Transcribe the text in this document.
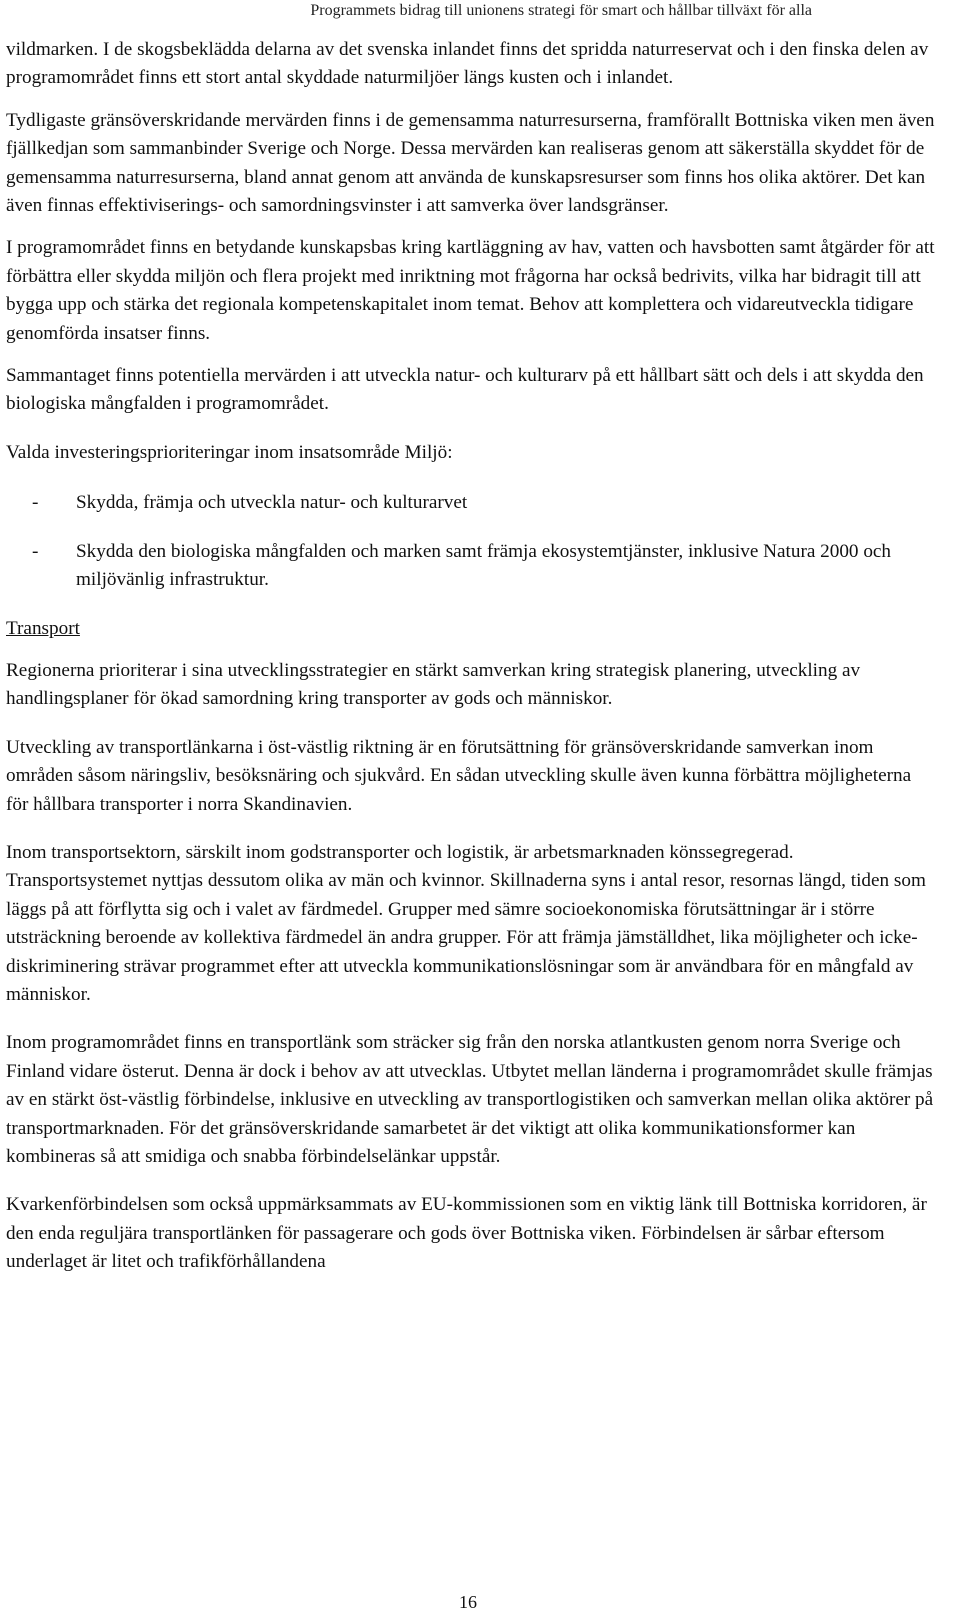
Programmets bidrag till unionens strategi för smart och hållbar tillväxt för alla

vildmarken. I de skogsbeklädda delarna av det svenska inlandet finns det spridda naturreservat och i den finska delen av programområdet finns ett stort antal skyddade naturmiljöer längs kusten och i inlandet.

Tydligaste gränsöverskridande mervärden finns i de gemensamma naturresurserna, framförallt Bottniska viken men även fjällkedjan som sammanbinder Sverige och Norge. Dessa mervärden kan realiseras genom att säkerställa skyddet för de gemensamma naturresurserna, bland annat genom att använda de kunskapsresurser som finns hos olika aktörer. Det kan även finnas effektiviserings- och samordningsvinster i att samverka över landsgränser.

I programområdet finns en betydande kunskapsbas kring kartläggning av hav, vatten och havsbotten samt åtgärder för att förbättra eller skydda miljön och flera projekt med inriktning mot frågorna har också bedrivits, vilka har bidragit till att bygga upp och stärka det regionala kompetenskapitalet inom temat. Behov att komplettera och vidareutveckla tidigare genomförda insatser finns.

Sammantaget finns potentiella mervärden i att utveckla natur- och kulturarv på ett hållbart sätt och dels i att skydda den biologiska mångfalden i programområdet.

Valda investeringsprioriteringar inom insatsområde Miljö:

-	Skydda, främja och utveckla natur- och kulturarvet
-	Skydda den biologiska mångfalden och marken samt främja ekosystemtjänster, inklusive Natura 2000 och miljövänlig infrastruktur.

Transport

Regionerna prioriterar i sina utvecklingsstrategier en stärkt samverkan kring strategisk planering, utveckling av handlingsplaner för ökad samordning kring transporter av gods och människor.

Utveckling av transportlänkarna i öst-västlig riktning är en förutsättning för gränsöverskridande samverkan inom områden såsom näringsliv, besöksnäring och sjukvård. En sådan utveckling skulle även kunna förbättra möjligheterna för hållbara transporter i norra Skandinavien.

Inom transportsektorn, särskilt inom godstransporter och logistik, är arbetsmarknaden könssegregerad. Transportsystemet nyttjas dessutom olika av män och kvinnor. Skillnaderna syns i antal resor, resornas längd, tiden som läggs på att förflytta sig och i valet av färdmedel. Grupper med sämre socioekonomiska förutsättningar är i större utsträckning beroende av kollektiva färdmedel än andra grupper. För att främja jämställdhet, lika möjligheter och icke-diskriminering strävar programmet efter att utveckla kommunikationslösningar som är användbara för en mångfald av människor.

Inom programområdet finns en transportlänk som sträcker sig från den norska atlantkusten genom norra Sverige och Finland vidare österut. Denna är dock i behov av att utvecklas. Utbytet mellan länderna i programområdet skulle främjas av en stärkt öst-västlig förbindelse, inklusive en utveckling av transportlogistiken och samverkan mellan olika aktörer på transportmarknaden. För det gränsöverskridande samarbetet är det viktigt att olika kommunikationsformer kan kombineras så att smidiga och snabba förbindelselänkar uppstår.

Kvarkenförbindelsen som också uppmärksammats av EU-kommissionen som en viktig länk till Bottniska korridoren, är den enda reguljära transportlänken för passagerare och gods över Bottniska viken. Förbindelsen är sårbar eftersom underlaget är litet och trafikförhållandena

16
